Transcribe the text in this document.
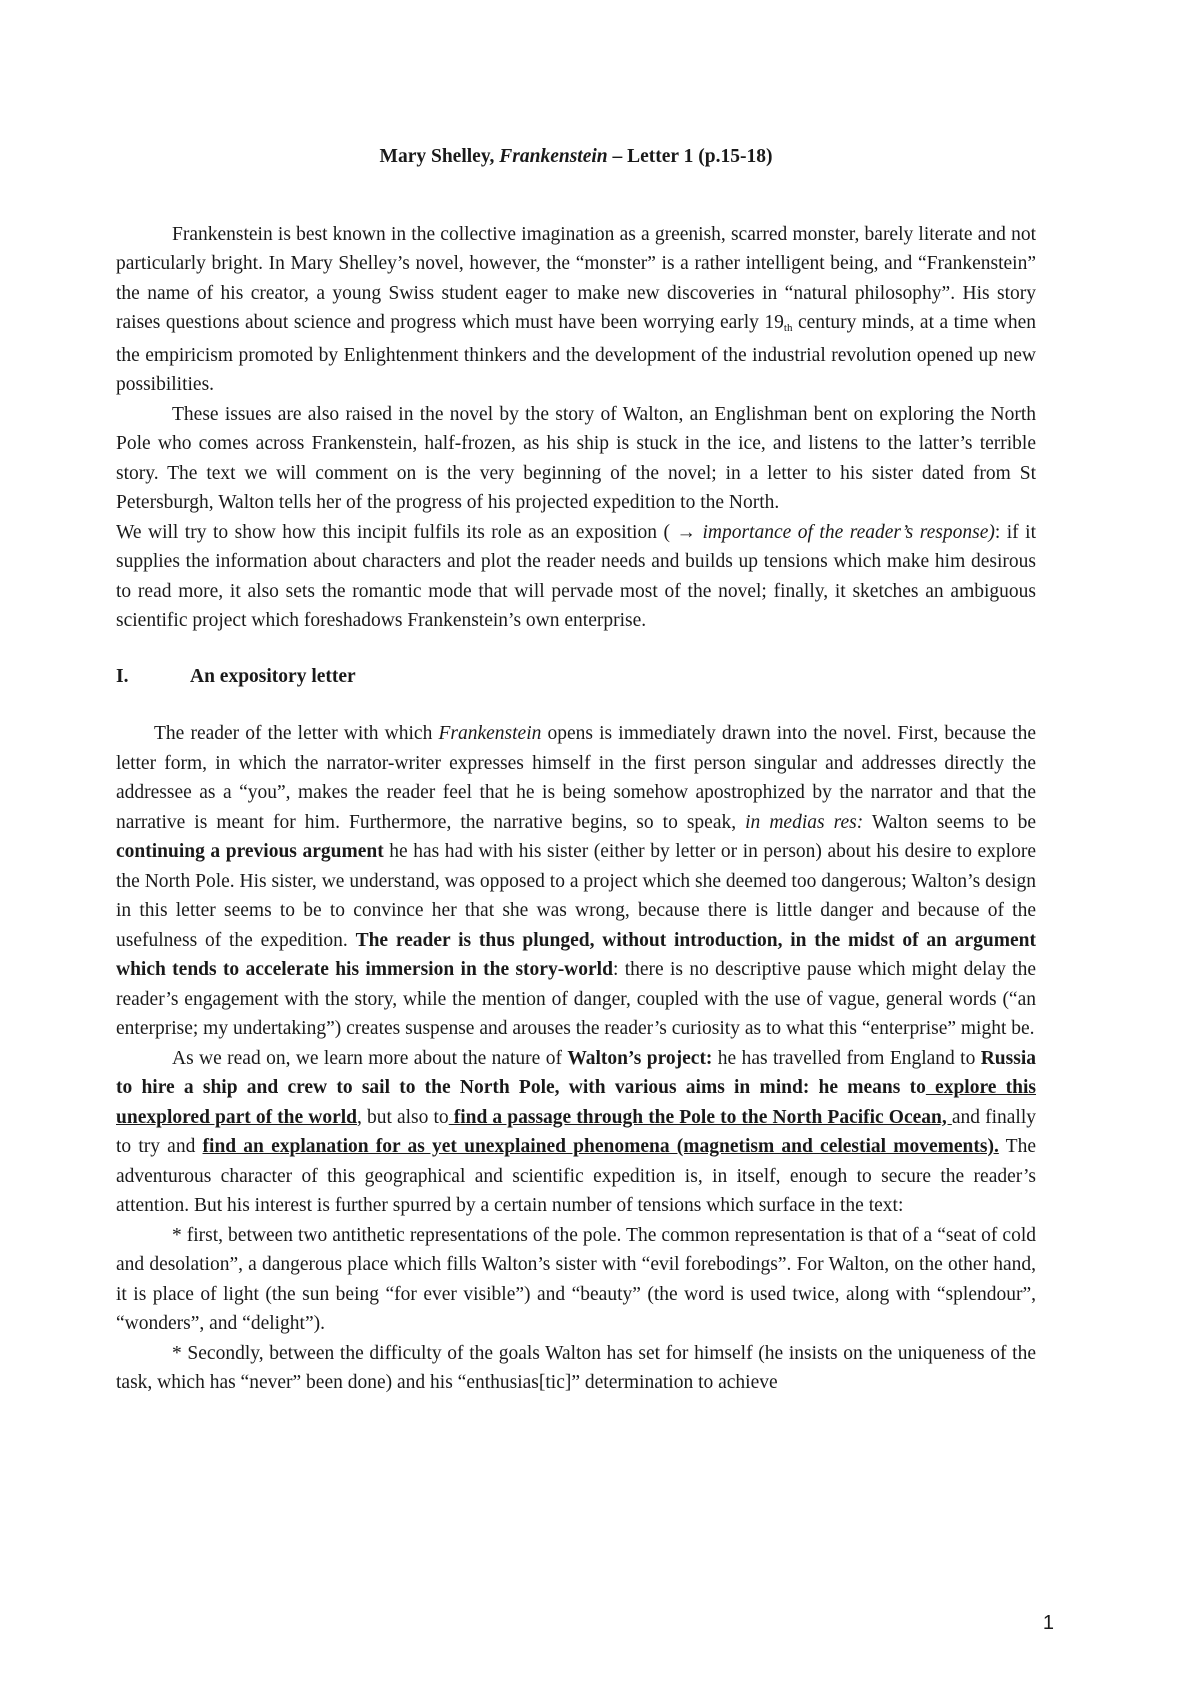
Mary Shelley, Frankenstein – Letter 1 (p.15-18)

Frankenstein is best known in the collective imagination as a greenish, scarred monster, barely literate and not particularly bright. In Mary Shelley’s novel, however, the “monster” is a rather intelligent being, and “Frankenstein” the name of his creator, a young Swiss student eager to make new discoveries in “natural philosophy”. His story raises questions about science and progress which must have been worrying early 19th century minds, at a time when the empiricism promoted by Enlightenment thinkers and the development of the industrial revolution opened up new possibilities.

These issues are also raised in the novel by the story of Walton, an Englishman bent on exploring the North Pole who comes across Frankenstein, half-frozen, as his ship is stuck in the ice, and listens to the latter’s terrible story. The text we will comment on is the very beginning of the novel; in a letter to his sister dated from St Petersburgh, Walton tells her of the progress of his projected expedition to the North.

We will try to show how this incipit fulfils its role as an exposition ( → importance of the reader’s response): if it supplies the information about characters and plot the reader needs and builds up tensions which make him desirous to read more, it also sets the romantic mode that will pervade most of the novel; finally, it sketches an ambiguous scientific project which foreshadows Frankenstein’s own enterprise.

I.	An expository letter

The reader of the letter with which Frankenstein opens is immediately drawn into the novel. First, because the letter form, in which the narrator-writer expresses himself in the first person singular and addresses directly the addressee as a “you”, makes the reader feel that he is being somehow apostrophized by the narrator and that the narrative is meant for him. Furthermore, the narrative begins, so to speak, in medias res: Walton seems to be continuing a previous argument he has had with his sister (either by letter or in person) about his desire to explore the North Pole. His sister, we understand, was opposed to a project which she deemed too dangerous; Walton’s design in this letter seems to be to convince her that she was wrong, because there is little danger and because of the usefulness of the expedition. The reader is thus plunged, without introduction, in the midst of an argument which tends to accelerate his immersion in the story-world: there is no descriptive pause which might delay the reader’s engagement with the story, while the mention of danger, coupled with the use of vague, general words (“an enterprise; my undertaking”) creates suspense and arouses the reader’s curiosity as to what this “enterprise” might be.

As we read on, we learn more about the nature of Walton’s project: he has travelled from England to Russia to hire a ship and crew to sail to the North Pole, with various aims in mind: he means to explore this unexplored part of the world, but also to find a passage through the Pole to the North Pacific Ocean, and finally to try and find an explanation for as yet unexplained phenomena (magnetism and celestial movements). The adventurous character of this geographical and scientific expedition is, in itself, enough to secure the reader’s attention. But his interest is further spurred by a certain number of tensions which surface in the text:

* first, between two antithetic representations of the pole. The common representation is that of a “seat of cold and desolation”, a dangerous place which fills Walton’s sister with “evil forebodings”. For Walton, on the other hand, it is place of light (the sun being “for ever visible”) and “beauty” (the word is used twice, along with “splendour”, “wonders”, and “delight”).

* Secondly, between the difficulty of the goals Walton has set for himself (he insists on the uniqueness of the task, which has “never” been done) and his “enthusias[tic]” determination to achieve

1
